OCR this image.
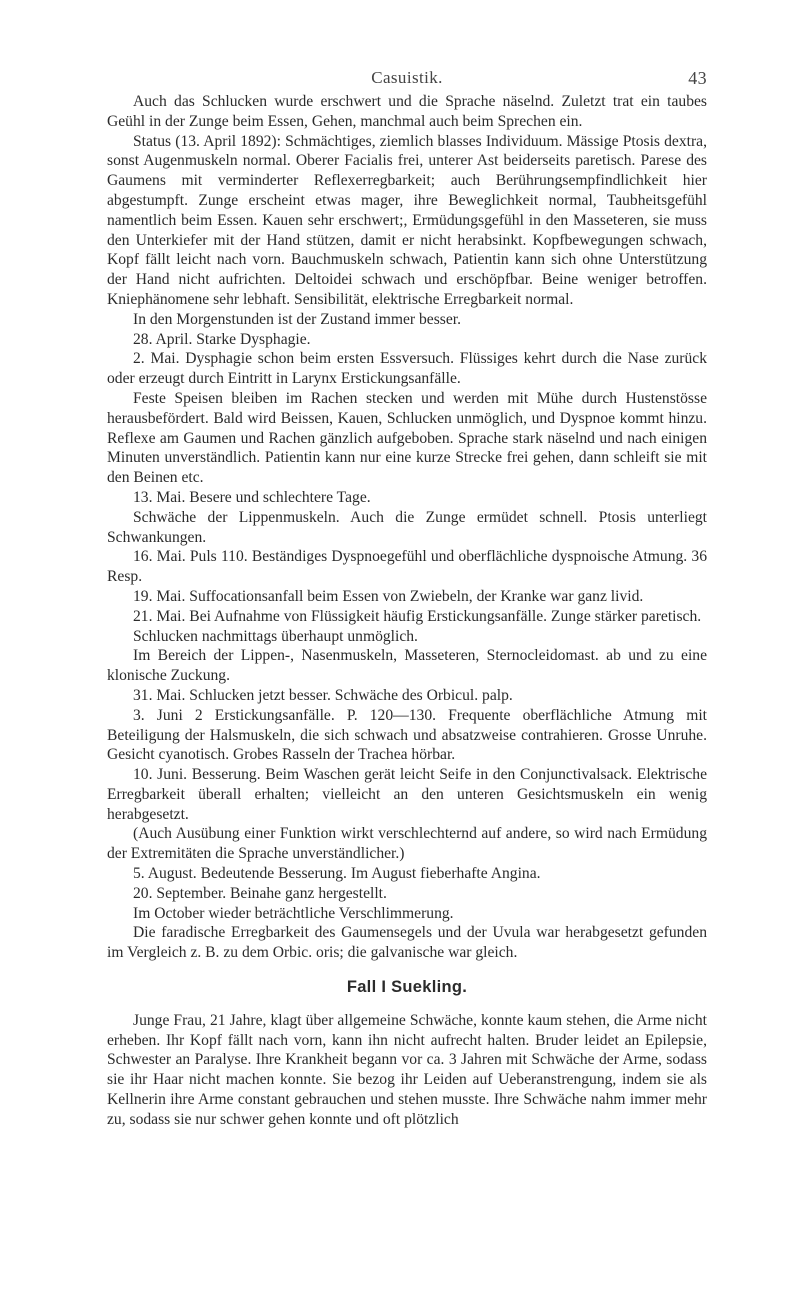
Casuistik.	43

Auch das Schlucken wurde erschwert und die Sprache näselnd. Zuletzt trat ein taubes Geühl in der Zunge beim Essen, Gehen, manchmal auch beim Sprechen ein.

Status (13. April 1892): Schmächtiges, ziemlich blasses Individuum. Mässige Ptosis dextra, sonst Augenmuskeln normal. Oberer Facialis frei, unterer Ast beiderseits paretisch. Parese des Gaumens mit verminderter Reflexerregbarkeit; auch Berührungsempfindlichkeit hier abgestumpft. Zunge erscheint etwas mager, ihre Beweglichkeit normal, Taubheitsgefühl namentlich beim Essen. Kauen sehr erschwert;, Ermüdungsgefühl in den Masseteren, sie muss den Unterkiefer mit der Hand stützen, damit er nicht herabsinkt. Kopfbewegungen schwach, Kopf fällt leicht nach vorn. Bauchmuskeln schwach, Patientin kann sich ohne Unterstützung der Hand nicht aufrichten. Deltoidei schwach und erschöpfbar. Beine weniger betroffen. Kniephänomene sehr lebhaft. Sensibilität, elektrische Erregbarkeit normal.

In den Morgenstunden ist der Zustand immer besser.

28. April. Starke Dysphagie.

2. Mai. Dysphagie schon beim ersten Essversuch. Flüssiges kehrt durch die Nase zurück oder erzeugt durch Eintritt in Larynx Erstickungsanfälle.

Feste Speisen bleiben im Rachen stecken und werden mit Mühe durch Hustenstösse herausbefördert. Bald wird Beissen, Kauen, Schlucken unmöglich, und Dyspnoe kommt hinzu. Reflexe am Gaumen und Rachen gänzlich aufgeboben. Sprache stark näselnd und nach einigen Minuten unverständlich. Patientin kann nur eine kurze Strecke frei gehen, dann schleift sie mit den Beinen etc.

13. Mai. Besere und schlechtere Tage.

Schwäche der Lippenmuskeln. Auch die Zunge ermüdet schnell. Ptosis unterliegt Schwankungen.

16. Mai. Puls 110. Beständiges Dyspnoegefühl und oberflächliche dyspnoische Atmung. 36 Resp.

19. Mai. Suffocationsanfall beim Essen von Zwiebeln, der Kranke war ganz livid.

21. Mai. Bei Aufnahme von Flüssigkeit häufig Erstickungsanfälle. Zunge stärker paretisch.

Schlucken nachmittags überhaupt unmöglich.

Im Bereich der Lippen-, Nasenmuskeln, Masseteren, Sternocleidomast. ab und zu eine klonische Zuckung.

31. Mai. Schlucken jetzt besser. Schwäche des Orbicul. palp.

3. Juni 2 Erstickungsanfälle. P. 120—130. Frequente oberflächliche Atmung mit Beteiligung der Halsmuskeln, die sich schwach und absatzweise contrahieren. Grosse Unruhe. Gesicht cyanotisch. Grobes Rasseln der Trachea hörbar.

10. Juni. Besserung. Beim Waschen gerät leicht Seife in den Conjunctivalsack. Elektrische Erregbarkeit überall erhalten; vielleicht an den unteren Gesichtsmuskeln ein wenig herabgesetzt.

(Auch Ausübung einer Funktion wirkt verschlechternd auf andere, so wird nach Ermüdung der Extremitäten die Sprache unverständlicher.)

5. August. Bedeutende Besserung. Im August fieberhafte Angina.

20. September. Beinahe ganz hergestellt.

Im October wieder beträchtliche Verschlimmerung.

Die faradische Erregbarkeit des Gaumensegels und der Uvula war herabgesetzt gefunden im Vergleich z. B. zu dem Orbic. oris; die galvanische war gleich.

Fall I Suekling.

Junge Frau, 21 Jahre, klagt über allgemeine Schwäche, konnte kaum stehen, die Arme nicht erheben. Ihr Kopf fällt nach vorn, kann ihn nicht aufrecht halten. Bruder leidet an Epilepsie, Schwester an Paralyse. Ihre Krankheit begann vor ca. 3 Jahren mit Schwäche der Arme, sodass sie ihr Haar nicht machen konnte. Sie bezog ihr Leiden auf Ueberanstrengung, indem sie als Kellnerin ihre Arme constant gebrauchen und stehen musste. Ihre Schwäche nahm immer mehr zu, sodass sie nur schwer gehen konnte und oft plötzlich
